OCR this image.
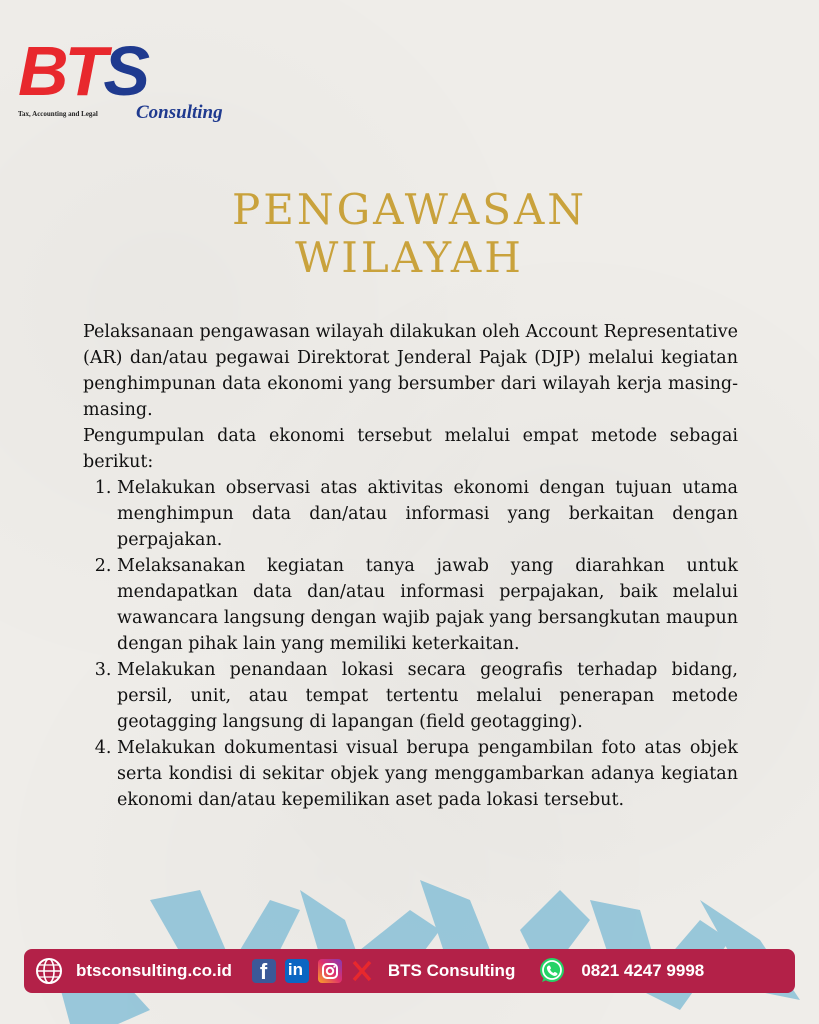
BTS
Consulting
Tax, Accounting and Legal
PENGAWASAN
WILAYAH

Pelaksanaan pengawasan wilayah dilakukan oleh Account Representative (AR) dan/atau pegawai Direktorat Jenderal Pajak (DJP) melalui kegiatan penghimpunan data ekonomi yang bersumber dari wilayah kerja masing-masing.

Pengumpulan data ekonomi tersebut melalui empat metode sebagai berikut:

1. Melakukan observasi atas aktivitas ekonomi dengan tujuan utama menghimpun data dan/atau informasi yang berkaitan dengan perpajakan.
2. Melaksanakan kegiatan tanya jawab yang diarahkan untuk mendapatkan data dan/atau informasi perpajakan, baik melalui wawancara langsung dengan wajib pajak yang bersangkutan maupun dengan pihak lain yang memiliki keterkaitan.
3. Melakukan penandaan lokasi secara geografis terhadap bidang, persil, unit, atau tempat tertentu melalui penerapan metode geotagging langsung di lapangan (field geotagging).
4. Melakukan dokumentasi visual berupa pengambilan foto atas objek serta kondisi di sekitar objek yang menggambarkan adanya kegiatan ekonomi dan/atau kepemilikan aset pada lokasi tersebut.
btsconsulting.co.id f in	BTS Consulting	0821 4247 9998
